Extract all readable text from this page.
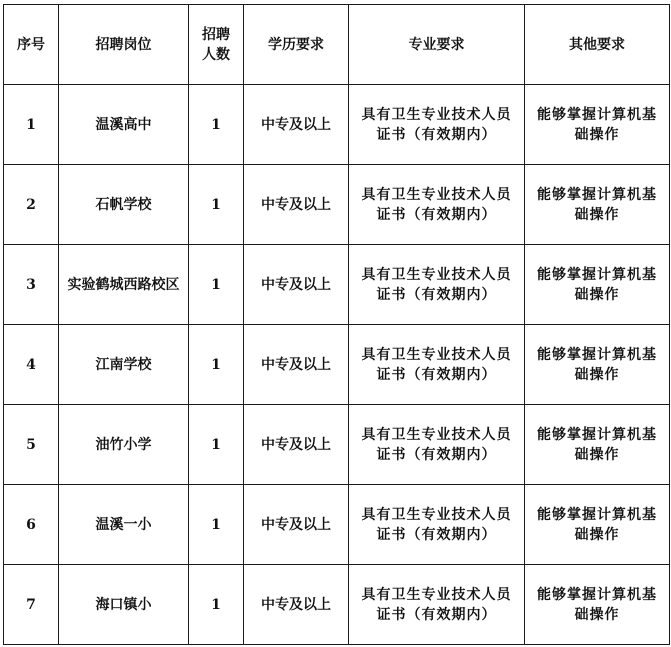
序号	招聘岗位	招聘人数	学历要求	专业要求	其他要求
1	温溪高中	1	中专及以上	具有卫生专业技术人员证书（有效期内）	能够掌握计算机基础操作

2	石帆学校	1	中专及以上	具有卫生专业技术人员证书（有效期内）	能够掌握计算机基础操作

3	实验鹤城西路校区	1	中专及以上	具有卫生专业技术人员证书（有效期内）	能够掌握计算机基础操作

4	江南学校	1	中专及以上	具有卫生专业技术人员证书（有效期内）	能够掌握计算机基础操作

5	油竹小学	1	中专及以上	具有卫生专业技术人员证书（有效期内）	能够掌握计算机基础操作

6	温溪一小	1	中专及以上	具有卫生专业技术人员证书（有效期内）	能够掌握计算机基础操作

7	海口镇小	1	中专及以上	具有卫生专业技术人员证书（有效期内）	能够掌握计算机基础操作
